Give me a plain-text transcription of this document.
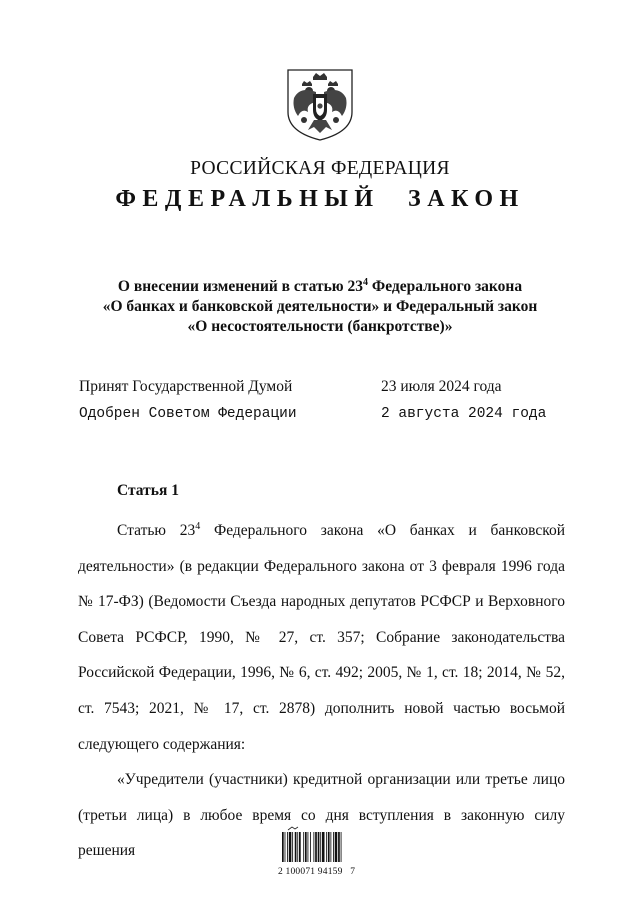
РОССИЙСКАЯ ФЕДЕРАЦИЯ
ФЕДЕРАЛЬНЫЙ ЗАКОН
О внесении изменений в статью $23^4$ Федерального закона
«О банках и банковской деятельности» и Федеральный закон
«О несостоятельности (банкротстве)»
Принят Государственной Думой	23 июля 2024 года
Одобрен Советом Федерации	2 августа 2024 года
Статья 1

Статью $23^4$ Федерального закона «О банках и банковской деятельности» (в редакции Федерального закона от 3 февраля 1996 года № 17-ФЗ) (Ведомости Съезда народных депутатов РСФСР и Верховного Совета РСФСР, 1990, № 27, ст. 357; Собрание законодательства Российской Федерации, 1996, № 6, ст. 492; 2005, № 1, ст. 18; 2014, № 52, ст. 7543; 2021, № 17, ст. 2878) дополнить новой частью восьмой следующего содержания:

«Учредители (участники) кредитной организации или третье лицо (третьи лица) в любое время со дня вступления в законную силу решения

2 100071 94159   7
